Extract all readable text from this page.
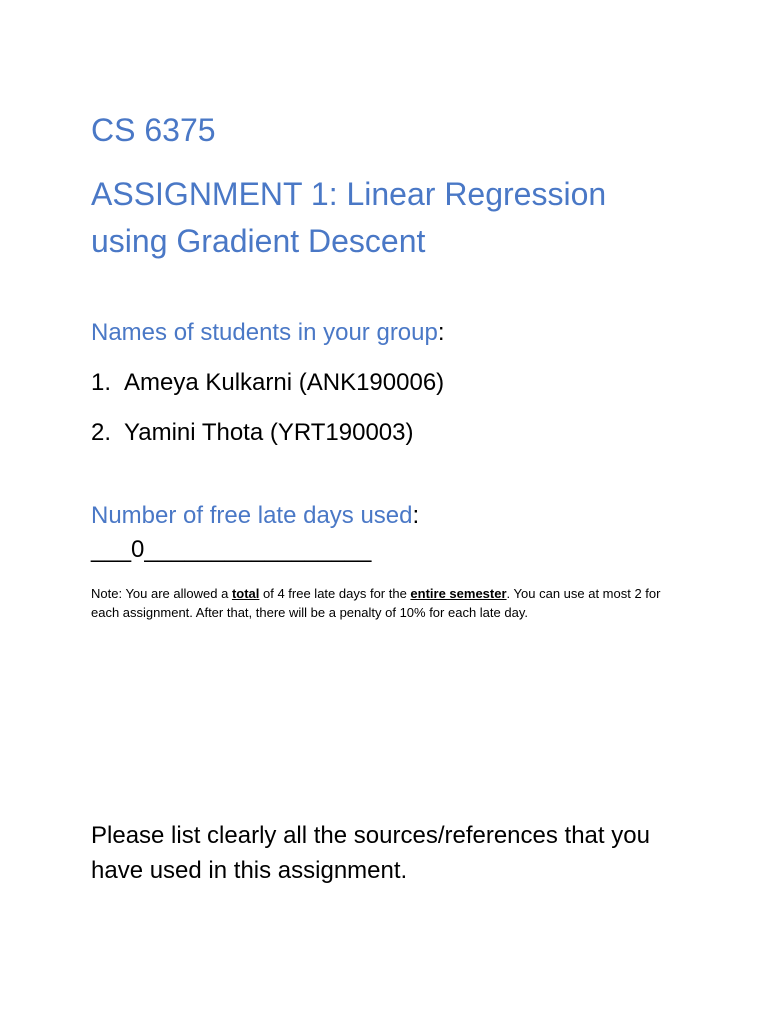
CS 6375
ASSIGNMENT 1: Linear Regression using Gradient Descent
Names of students in your group:
1. Ameya Kulkarni (ANK190006)
2. Yamini Thota (YRT190003)
Number of free late days used:
___0_________________

Note: You are allowed a total of 4 free late days for the entire semester. You can use at most 2 for each assignment. After that, there will be a penalty of 10% for each late day.

Please list clearly all the sources/references that you have used in this assignment.
